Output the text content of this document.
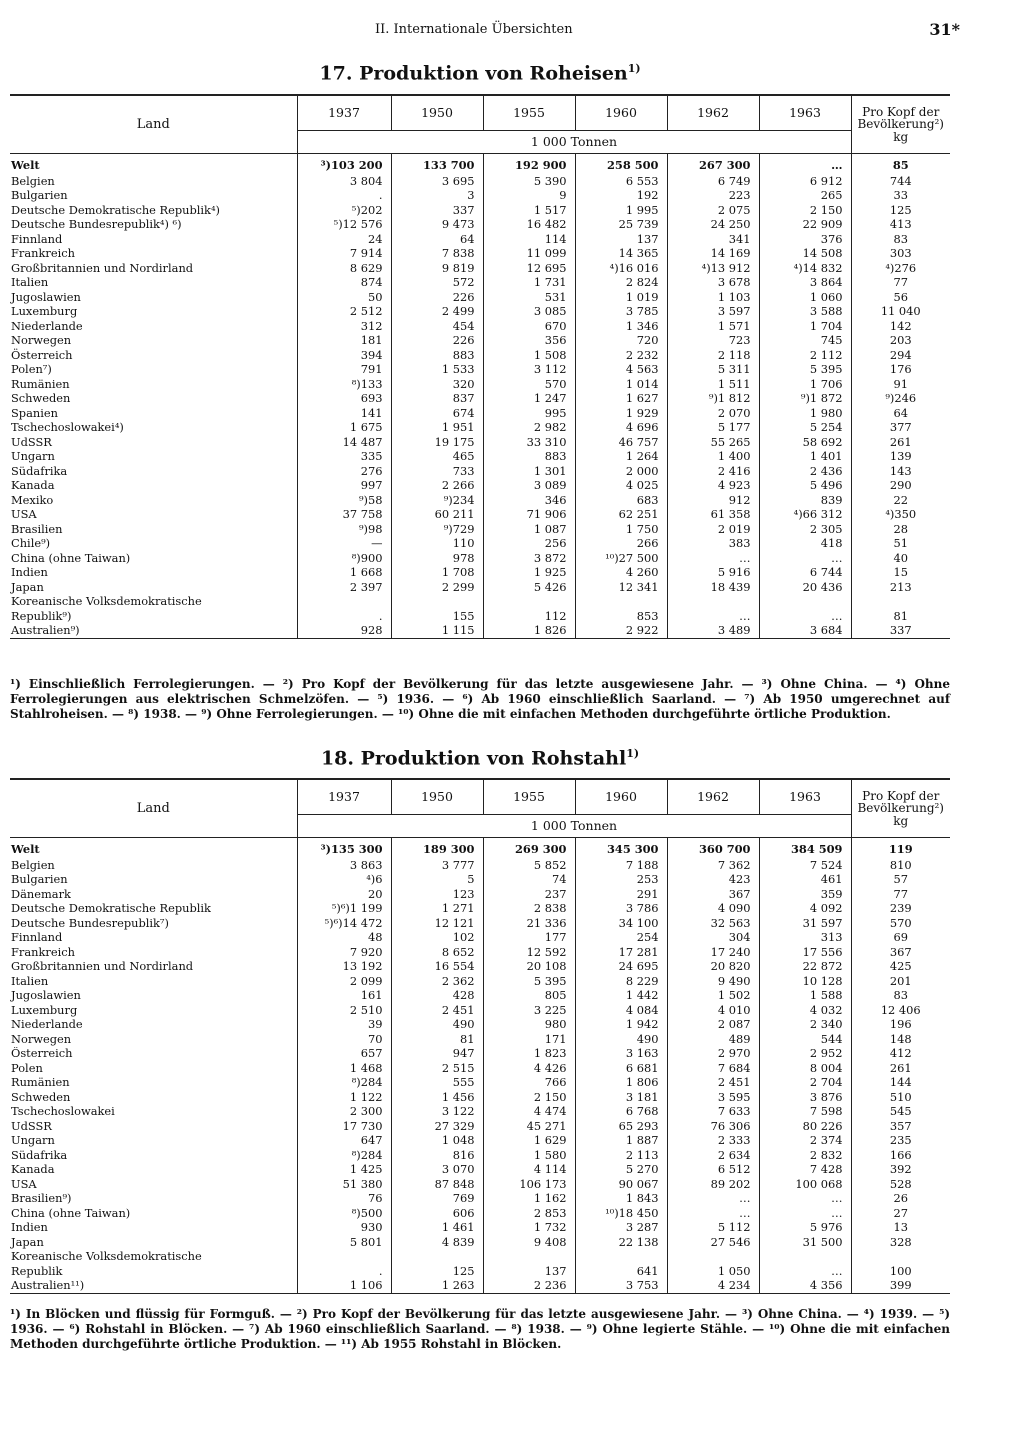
II. Internationale Übersichten	31*
17. Produktion von Roheisen$^{1)}$
Land	1937	1950	1955	1960	1962	1963	Pro Kopf der Bevölkerung²) kg
	1 000 Tonnen						
Welt	³)103 200	133 700	192 900	258 500	267 300	…	85
Belgien	3 804	3 695	5 390	6 553	6 749	6 912	744
Bulgarien	.	3	9	192	223	265	33
Deutsche Demokratische Republik⁴)	⁵)202	337	1 517	1 995	2 075	2 150	125
Deutsche Bundesrepublik⁴) ⁶)	⁵)12 576	9 473	16 482	25 739	24 250	22 909	413
Finnland	24	64	114	137	341	376	83
Frankreich	7 914	7 838	11 099	14 365	14 169	14 508	303
Großbritannien und Nordirland	8 629	9 819	12 695	⁴)16 016	⁴)13 912	⁴)14 832	⁴)276
Italien	874	572	1 731	2 824	3 678	3 864	77
Jugoslawien	50	226	531	1 019	1 103	1 060	56
Luxemburg	2 512	2 499	3 085	3 785	3 597	3 588	11 040
Niederlande	312	454	670	1 346	1 571	1 704	142
Norwegen	181	226	356	720	723	745	203
Österreich	394	883	1 508	2 232	2 118	2 112	294
Polen⁷)	791	1 533	3 112	4 563	5 311	5 395	176
Rumänien	⁸)133	320	570	1 014	1 511	1 706	91
Schweden	693	837	1 247	1 627	⁹)1 812	⁹)1 872	⁹)246
Spanien	141	674	995	1 929	2 070	1 980	64
Tschechoslowakei⁴)	1 675	1 951	2 982	4 696	5 177	5 254	377
UdSSR	14 487	19 175	33 310	46 757	55 265	58 692	261
Ungarn	335	465	883	1 264	1 400	1 401	139
Südafrika	276	733	1 301	2 000	2 416	2 436	143
Kanada	997	2 266	3 089	4 025	4 923	5 496	290
Mexiko	⁹)58	⁹)234	346	683	912	839	22
USA	37 758	60 211	71 906	62 251	61 358	⁴)66 312	⁴)350
Brasilien	⁹)98	⁹)729	1 087	1 750	2 019	2 305	28
Chile⁹)	—	110	256	266	383	418	51
China (ohne Taiwan)	⁸)900	978	3 872	¹⁰)27 500	…	…	40
Indien	1 668	1 708	1 925	4 260	5 916	6 744	15
Japan	2 397	2 299	5 426	12 341	18 439	20 436	213
Koreanische Volksdemokratische							
Republik⁹)	.	155	112	853	…	…	81
Australien⁹)	928	1 115	1 826	2 922	3 489	3 684	337
¹) Einschließlich Ferrolegierungen. — ²) Pro Kopf der Bevölkerung für das letzte ausgewiesene Jahr. — ³) Ohne China. — ⁴) Ohne Ferrolegierungen aus elektrischen Schmelzöfen. — ⁵) 1936. — ⁶) Ab 1960 einschließlich Saarland. — ⁷) Ab 1950 umgerechnet auf Stahlroheisen. — ⁸) 1938. — ⁹) Ohne Ferrolegierungen. — ¹⁰) Ohne die mit einfachen Methoden durchgeführte örtliche Produktion.
18. Produktion von Rohstahl$^{1)}$
Land	1937	1950	1955	1960	1962	1963	Pro Kopf der Bevölkerung²) kg
	1 000 Tonnen						
Welt	³)135 300	189 300	269 300	345 300	360 700	384 509	119
Belgien	3 863	3 777	5 852	7 188	7 362	7 524	810
Bulgarien	⁴)6	5	74	253	423	461	57
Dänemark	20	123	237	291	367	359	77
Deutsche Demokratische Republik	⁵)⁶)1 199	1 271	2 838	3 786	4 090	4 092	239
Deutsche Bundesrepublik⁷)	⁵)⁶)14 472	12 121	21 336	34 100	32 563	31 597	570
Finnland	48	102	177	254	304	313	69
Frankreich	7 920	8 652	12 592	17 281	17 240	17 556	367
Großbritannien und Nordirland	13 192	16 554	20 108	24 695	20 820	22 872	425
Italien	2 099	2 362	5 395	8 229	9 490	10 128	201
Jugoslawien	161	428	805	1 442	1 502	1 588	83
Luxemburg	2 510	2 451	3 225	4 084	4 010	4 032	12 406
Niederlande	39	490	980	1 942	2 087	2 340	196
Norwegen	70	81	171	490	489	544	148
Österreich	657	947	1 823	3 163	2 970	2 952	412
Polen	1 468	2 515	4 426	6 681	7 684	8 004	261
Rumänien	⁸)284	555	766	1 806	2 451	2 704	144
Schweden	1 122	1 456	2 150	3 181	3 595	3 876	510
Tschechoslowakei	2 300	3 122	4 474	6 768	7 633	7 598	545
UdSSR	17 730	27 329	45 271	65 293	76 306	80 226	357
Ungarn	647	1 048	1 629	1 887	2 333	2 374	235
Südafrika	⁸)284	816	1 580	2 113	2 634	2 832	166
Kanada	1 425	3 070	4 114	5 270	6 512	7 428	392
USA	51 380	87 848	106 173	90 067	89 202	100 068	528
Brasilien⁹)	76	769	1 162	1 843	…	…	26
China (ohne Taiwan)	⁸)500	606	2 853	¹⁰)18 450	…	…	27
Indien	930	1 461	1 732	3 287	5 112	5 976	13
Japan	5 801	4 839	9 408	22 138	27 546	31 500	328
Koreanische Volksdemokratische							
Republik	.	125	137	641	1 050	…	100
Australien¹¹)	1 106	1 263	2 236	3 753	4 234	4 356	399
¹) In Blöcken und flüssig für Formguß. — ²) Pro Kopf der Bevölkerung für das letzte ausgewiesene Jahr. — ³) Ohne China. — ⁴) 1939. — ⁵) 1936. — ⁶) Rohstahl in Blöcken. — ⁷) Ab 1960 einschließlich Saarland. — ⁸) 1938. — ⁹) Ohne legierte Stähle. — ¹⁰) Ohne die mit einfachen Methoden durchgeführte örtliche Produktion. — ¹¹) Ab 1955 Rohstahl in Blöcken.
